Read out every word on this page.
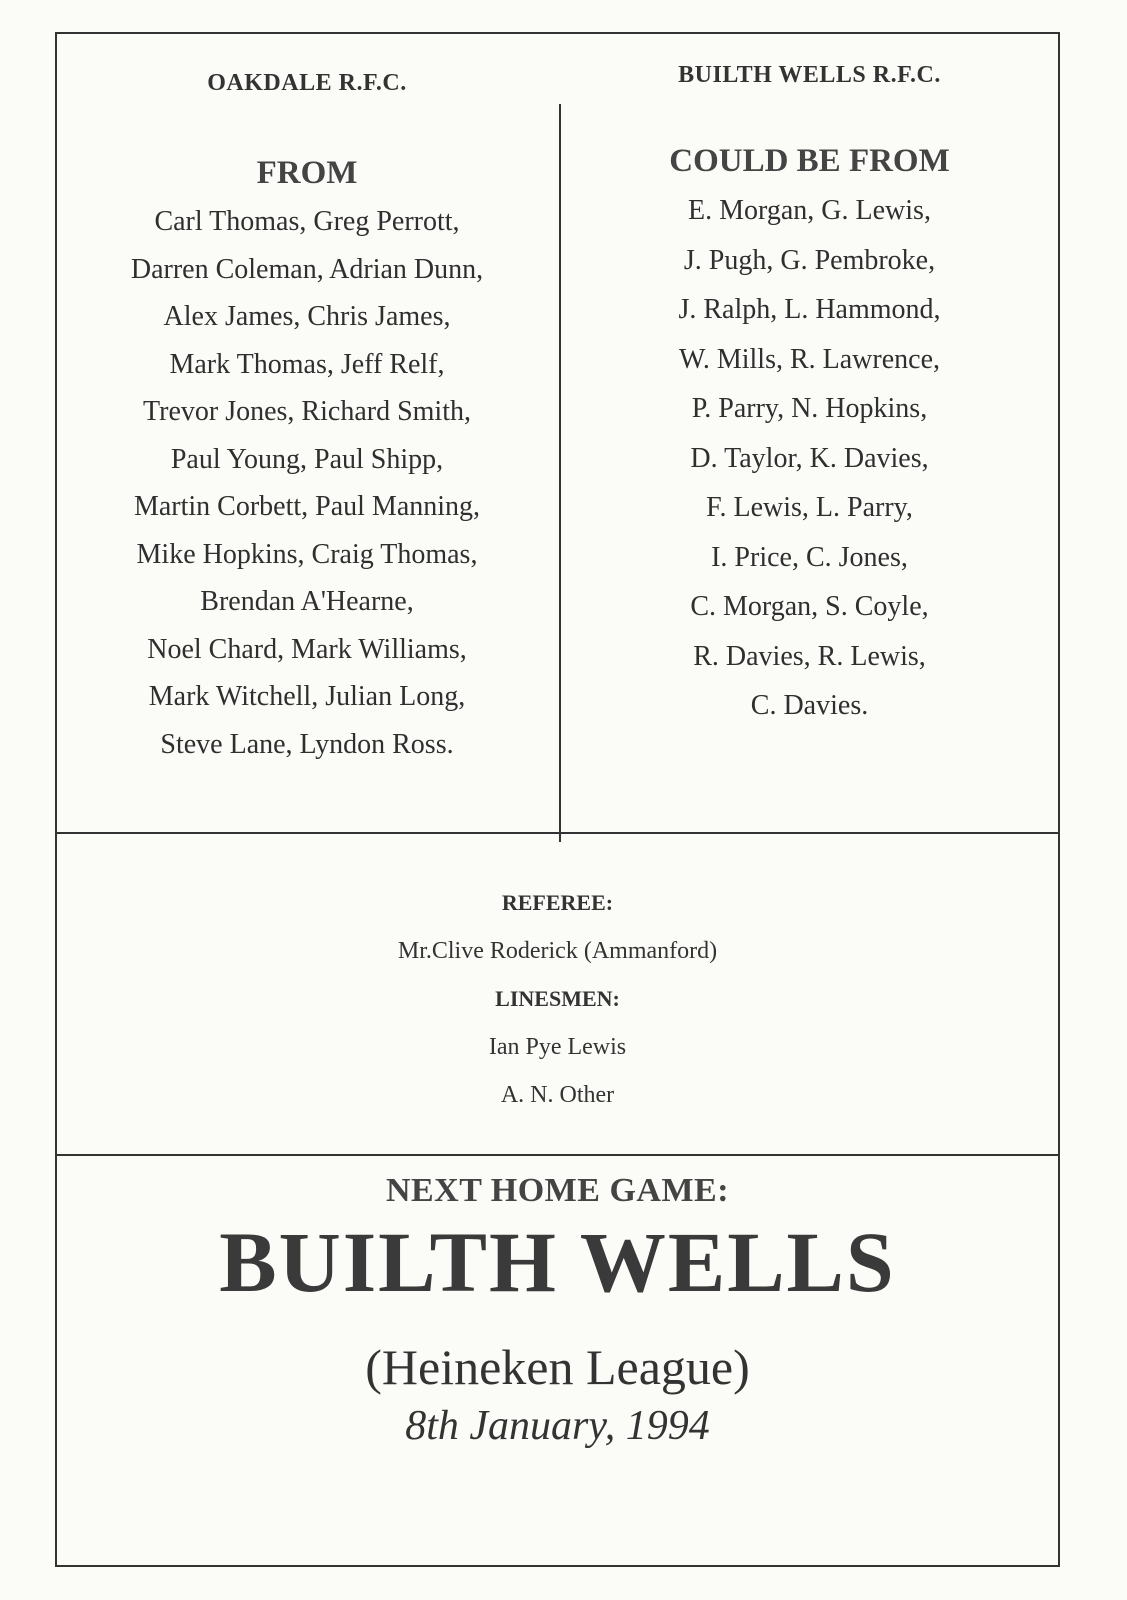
OAKDALE R.F.C.
FROM
Carl Thomas, Greg Perrott,
Darren Coleman, Adrian Dunn,
Alex James, Chris James,
Mark Thomas, Jeff Relf,
Trevor Jones, Richard Smith,
Paul Young, Paul Shipp,
Martin Corbett, Paul Manning,
Mike Hopkins, Craig Thomas,
Brendan A'Hearne,
Noel Chard, Mark Williams,
Mark Witchell, Julian Long,
Steve Lane, Lyndon Ross.
BUILTH WELLS R.F.C.
COULD BE FROM
E. Morgan, G. Lewis,
J. Pugh, G. Pembroke,
J. Ralph, L. Hammond,
W. Mills, R. Lawrence,
P. Parry, N. Hopkins,
D. Taylor, K. Davies,
F. Lewis, L. Parry,
I. Price, C. Jones,
C. Morgan, S. Coyle,
R. Davies, R. Lewis,
C. Davies.
REFEREE:
Mr.Clive Roderick (Ammanford)
LINESMEN:
Ian Pye Lewis
A. N. Other
NEXT HOME GAME:
BUILTH WELLS
(Heineken League)
8th January, 1994
